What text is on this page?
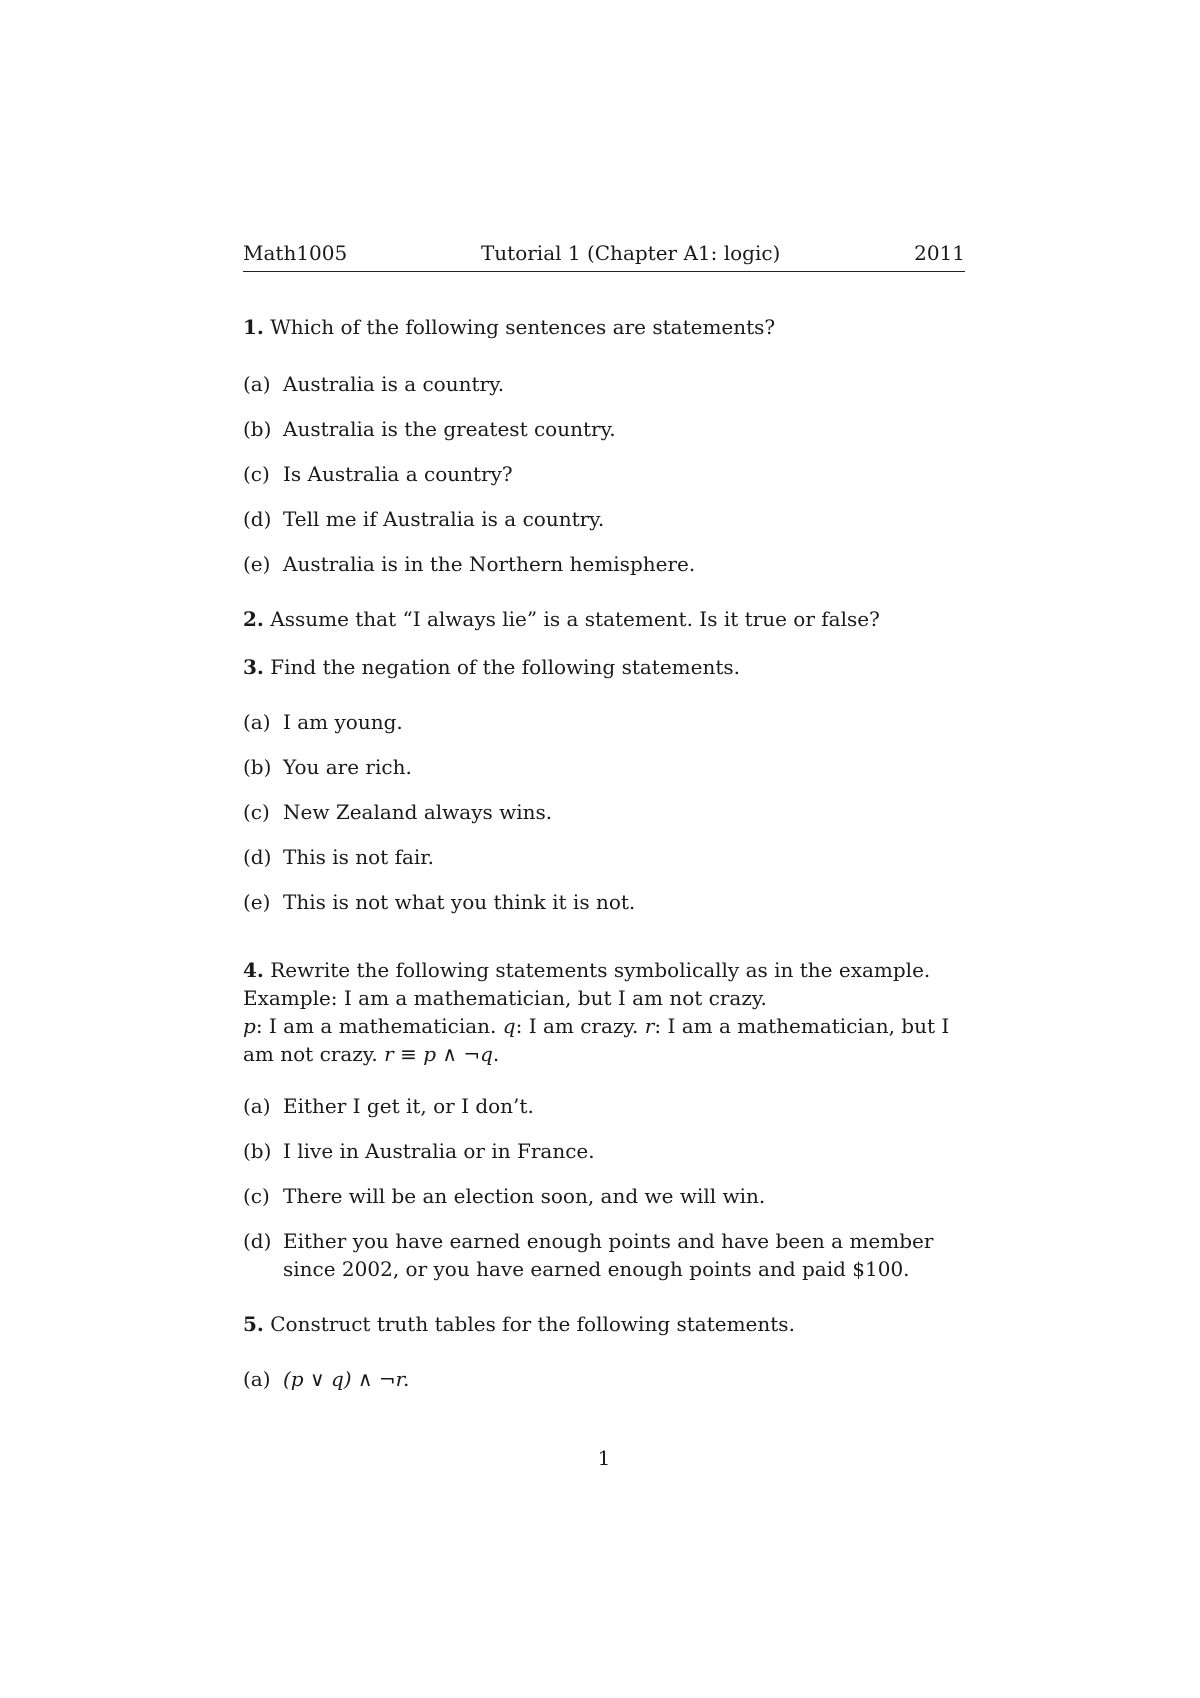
Math1005	Tutorial 1 (Chapter A1: logic)	2011
1. Which of the following sentences are statements?
(a) Australia is a country.
(b) Australia is the greatest country.
(c) Is Australia a country?
(d) Tell me if Australia is a country.
(e) Australia is in the Northern hemisphere.
2. Assume that “I always lie” is a statement. Is it true or false?
3. Find the negation of the following statements.
(a) I am young.
(b) You are rich.
(c) New Zealand always wins.
(d) This is not fair.
(e) This is not what you think it is not.
4. Rewrite the following statements symbolically as in the example.
Example: I am a mathematician, but I am not crazy.
p: I am a mathematician. q: I am crazy. r: I am a mathematician, but I am not crazy. r ≡ p ∧ ¬q.
(a) Either I get it, or I don’t.
(b) I live in Australia or in France.
(c) There will be an election soon, and we will win.
(d) Either you have earned enough points and have been a member since 2002, or you have earned enough points and paid $100.
5. Construct truth tables for the following statements.
(a) (p ∨ q) ∧ ¬r.
1
